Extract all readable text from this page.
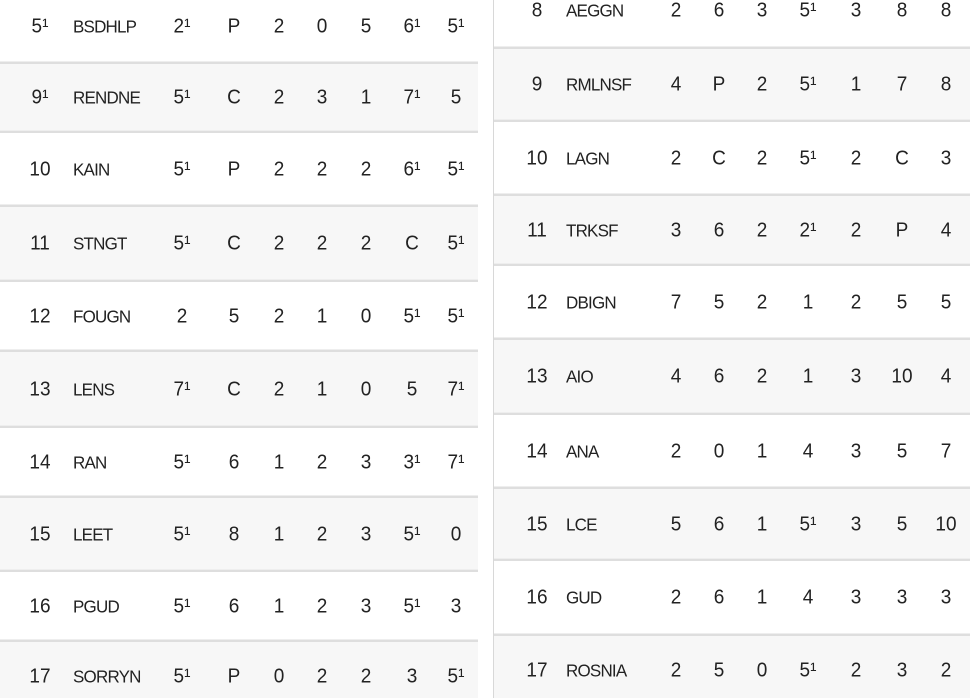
5¹	BSDHLP	2¹	P	2	0	5	6¹	5¹
9¹	RENDNE	5¹	C	2	3	1	7¹	5
10	KAIN	5¹	P	2	2	2	6¹	5¹
11	STNGT	5¹	C	2	2	2	C	5¹
12	FOUGN	2	5	2	1	0	5¹	5¹
13	LENS	7¹	C	2	1	0	5	7¹
14	RAN	5¹	6	1	2	3	3¹	7¹
15	LEET	5¹	8	1	2	3	5¹	0
16	PGUD	5¹	6	1	2	3	5¹	3
17	SORRYN	5¹	P	0	2	2	3	5¹
8	AEGGN	2	6	3	5¹	3	8	8
9	RMLNSF	4	P	2	5¹	1	7	8
10	LAGN	2	C	2	5¹	2	C	3
11	TRKSF	3	6	2	2¹	2	P	4
12	DBIGN	7	5	2	1	2	5	5
13	AIO	4	6	2	1	3	10	4
14	ANA	2	0	1	4	3	5	7
15	LCE	5	6	1	5¹	3	5	10
16	GUD	2	6	1	4	3	3	3
17	ROSNIA	2	5	0	5¹	2	3	2
